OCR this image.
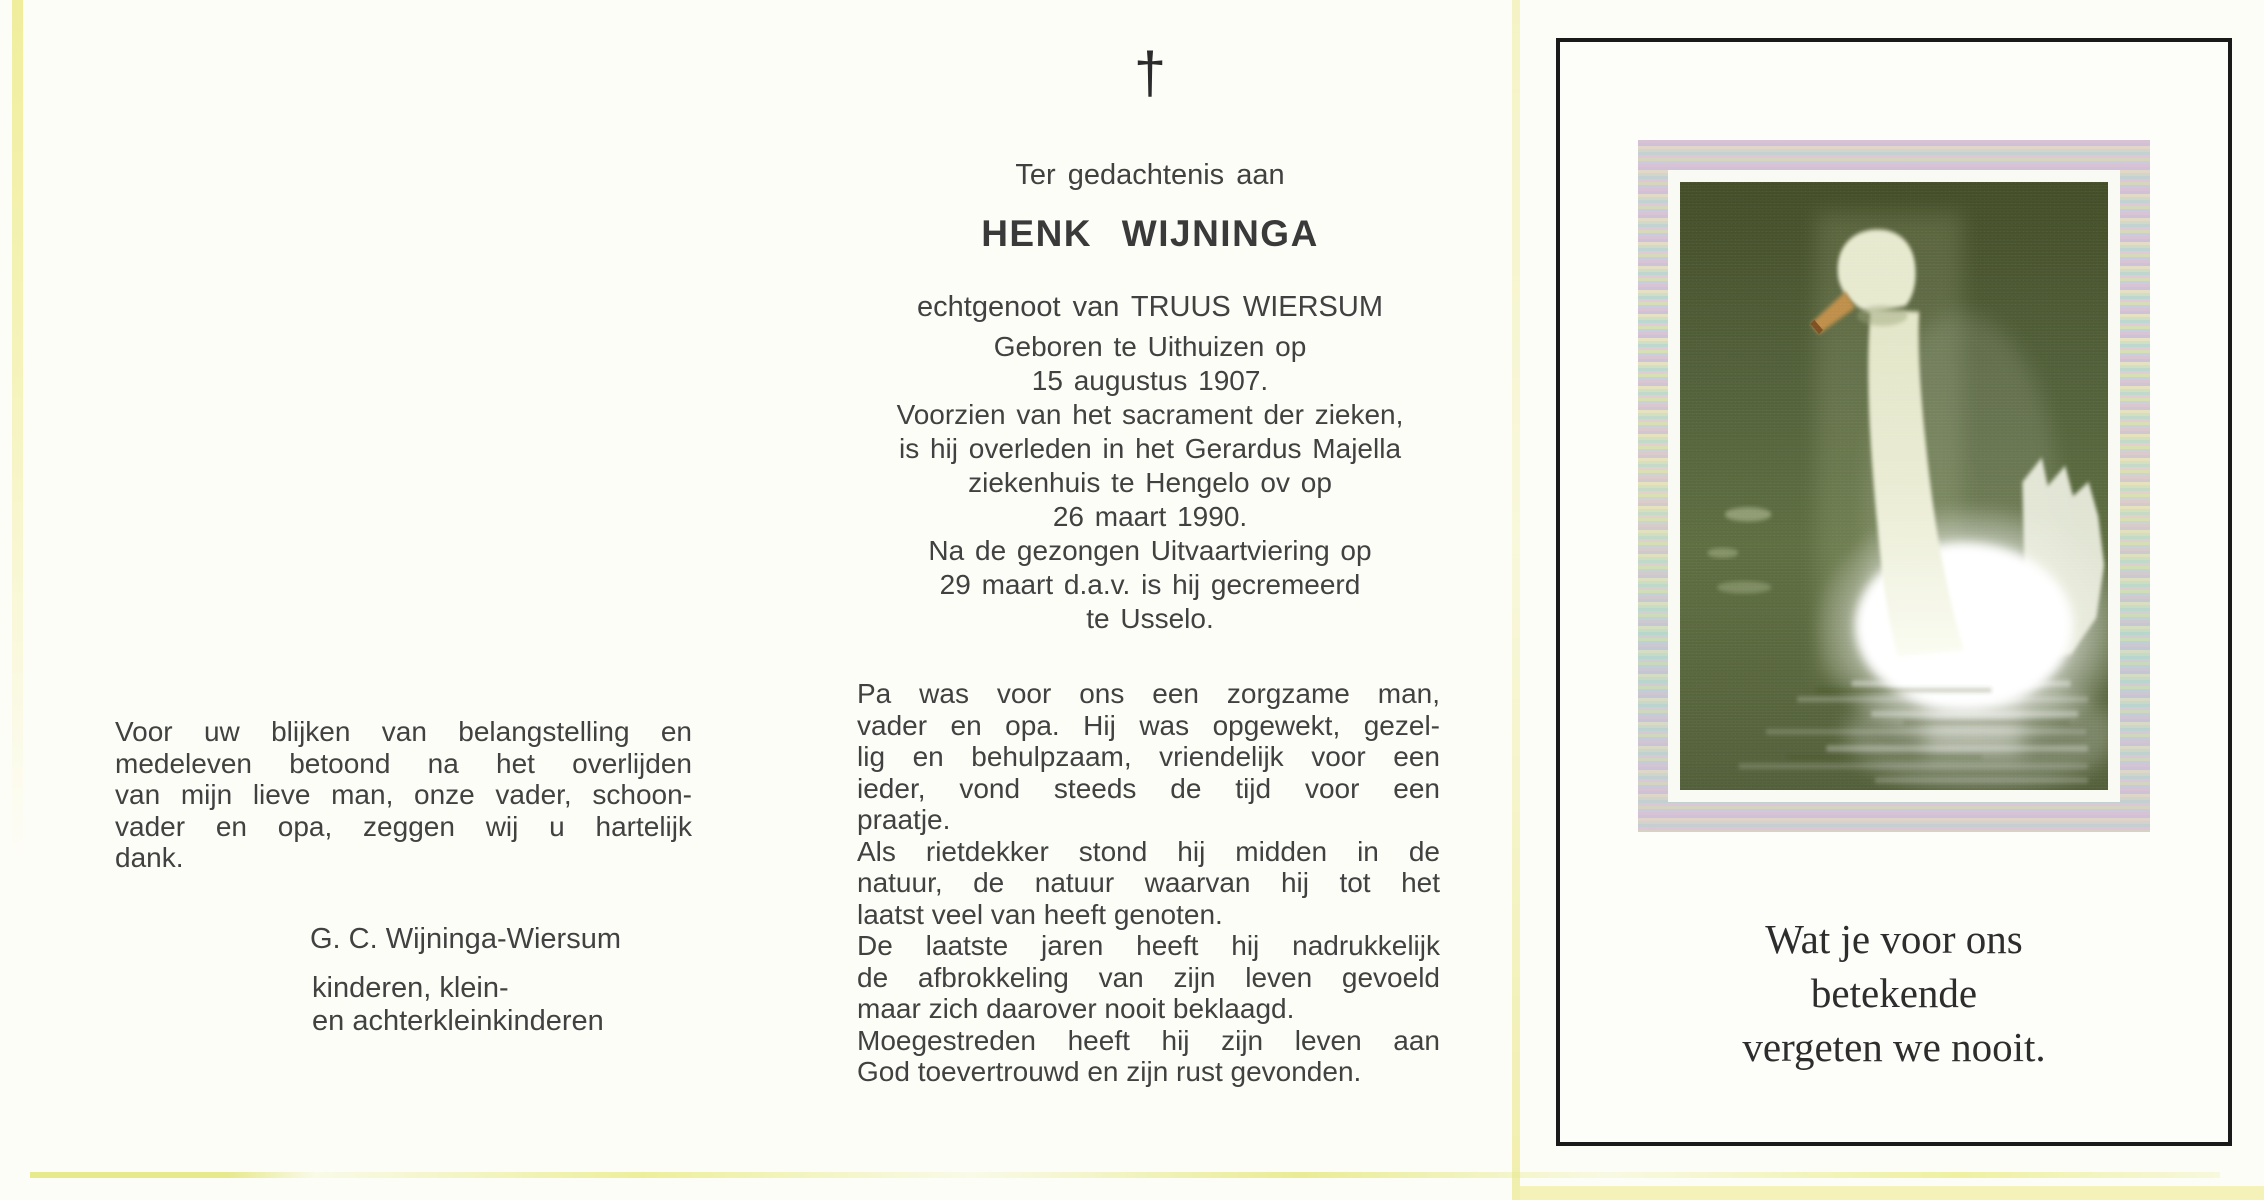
†
Ter gedachtenis aan
HENK WIJNINGA
echtgenoot van TRUUS WIERSUM
Geboren te Uithuizen op
15 augustus 1907.
Voorzien van het sacrament der zieken,
is hij overleden in het Gerardus Majella
ziekenhuis te Hengelo ov op
26 maart 1990.
Na de gezongen Uitvaartviering op
29 maart d.a.v. is hij gecremeerd
te Usselo.
Pa was voor ons een zorgzame man,
vader en opa. Hij was opgewekt, gezel-
lig en behulpzaam, vriendelijk voor een
ieder, vond steeds de tijd voor een
praatje.
Als rietdekker stond hij midden in de
natuur, de natuur waarvan hij tot het
laatst veel van heeft genoten.
De laatste jaren heeft hij nadrukkelijk
de afbrokkeling van zijn leven gevoeld
maar zich daarover nooit beklaagd.
Moegestreden heeft hij zijn leven aan
God toevertrouwd en zijn rust gevonden.
Voor uw blijken van belangstelling en
medeleven betoond na het overlijden
van mijn lieve man, onze vader, schoon-
vader en opa, zeggen wij u hartelijk
dank.
G. C. Wijninga-Wiersum
kinderen, klein-
en achterkleinkinderen
Wat je voor ons
betekende
vergeten we nooit.
